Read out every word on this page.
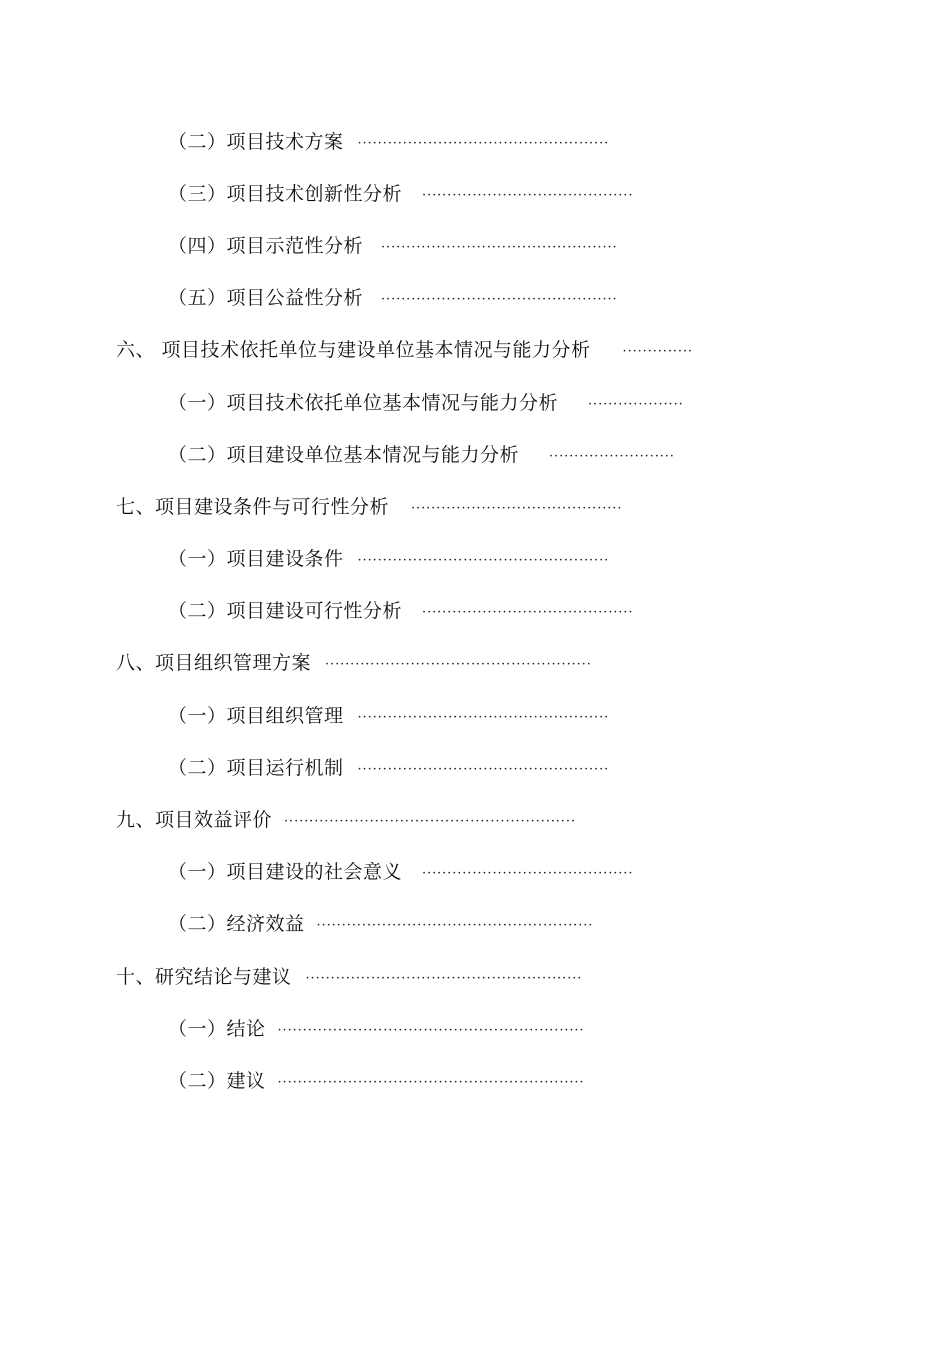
（二）项目技术方案 ··················································
（三）项目技术创新性分析 ··········································
（四）项目示范性分析 ···············································
（五）项目公益性分析 ···············································
六、 项目技术依托单位与建设单位基本情况与能力分析 ··············
（一）项目技术依托单位基本情况与能力分析 ···················
（二）项目建设单位基本情况与能力分析 ·························
七、项目建设条件与可行性分析 ··········································
（一）项目建设条件 ··················································
（二）项目建设可行性分析 ··········································
八、项目组织管理方案 ·····················································
（一）项目组织管理 ··················································
（二）项目运行机制 ··················································
九、项目效益评价 ··························································
（一）项目建设的社会意义 ··········································
（二）经济效益 ·······················································
十、研究结论与建议 ·······················································
（一）结论 ·····························································
（二）建议 ·····························································
